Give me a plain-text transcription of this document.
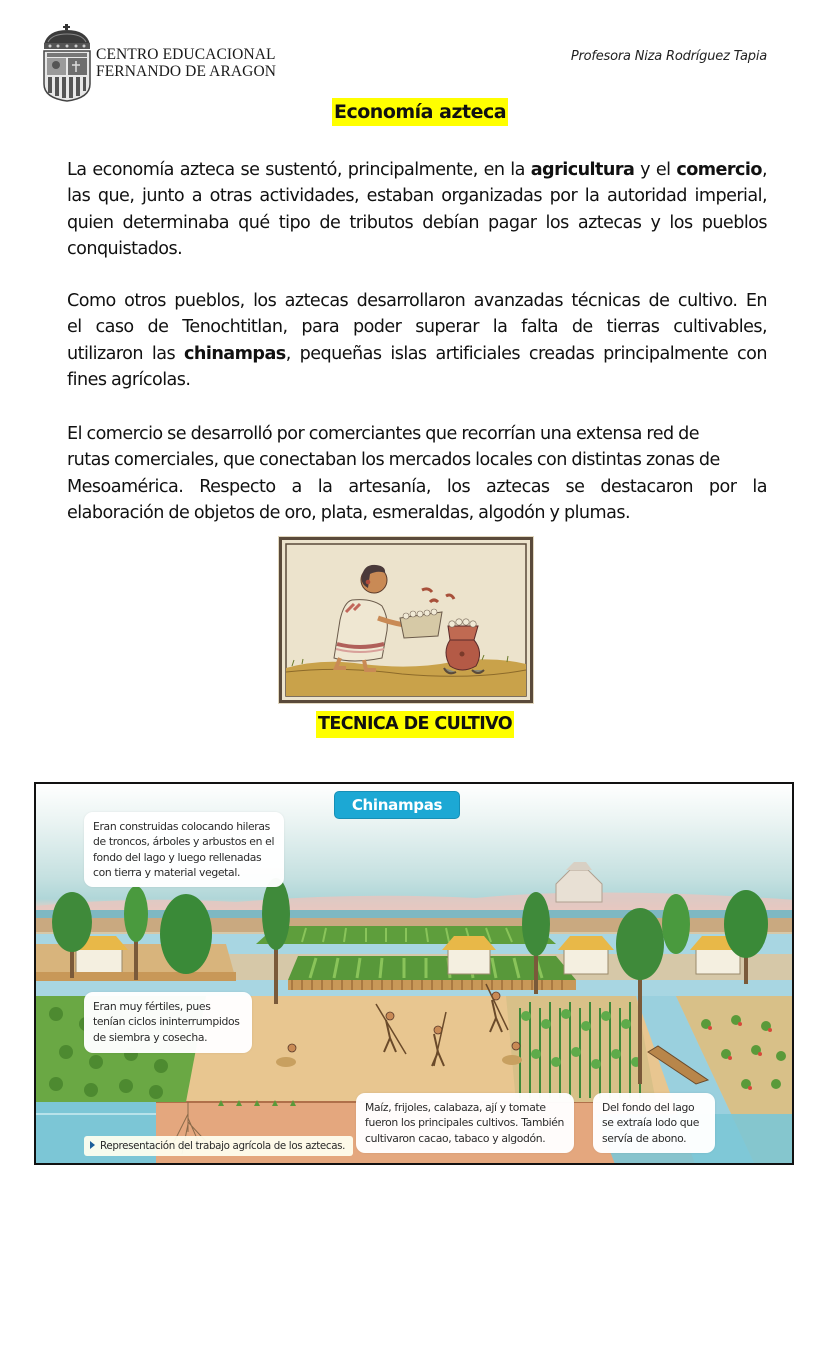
CENTRO EDUCACIONAL
FERNANDO DE ARAGON
Profesora Niza Rodríguez Tapia
Economía azteca
La economía azteca se sustentó, principalmente, en la agricultura y el comercio,
las que, junto a otras actividades, estaban organizadas por la autoridad imperial,
quien determinaba qué tipo de tributos debían pagar los aztecas y los pueblos
conquistados.
Como otros pueblos, los aztecas desarrollaron avanzadas técnicas de cultivo. En
el caso de Tenochtitlan, para poder superar la falta de tierras cultivables,
utilizaron las chinampas, pequeñas islas artificiales creadas principalmente con
fines agrícolas.
El comercio se desarrolló por comerciantes que recorrían una extensa red de
rutas comerciales, que conectaban los mercados locales con distintas zonas de
Mesoamérica. Respecto a la artesanía, los aztecas se destacaron por la
elaboración de objetos de oro, plata, esmeraldas, algodón y plumas.
TECNICA DE CULTIVO
Chinampas
Eran construidas colocando hileras
de troncos, árboles y arbustos en el
fondo del lago y luego rellenadas
con tierra y material vegetal.
Eran muy fértiles, pues
tenían ciclos ininterrumpidos
de siembra y cosecha.
Maíz, frijoles, calabaza, ají y tomate
fueron los principales cultivos. También
cultivaron cacao, tabaco y algodón.
Del fondo del lago
se extraía lodo que
servía de abono.
Representación del trabajo agrícola de los aztecas.
